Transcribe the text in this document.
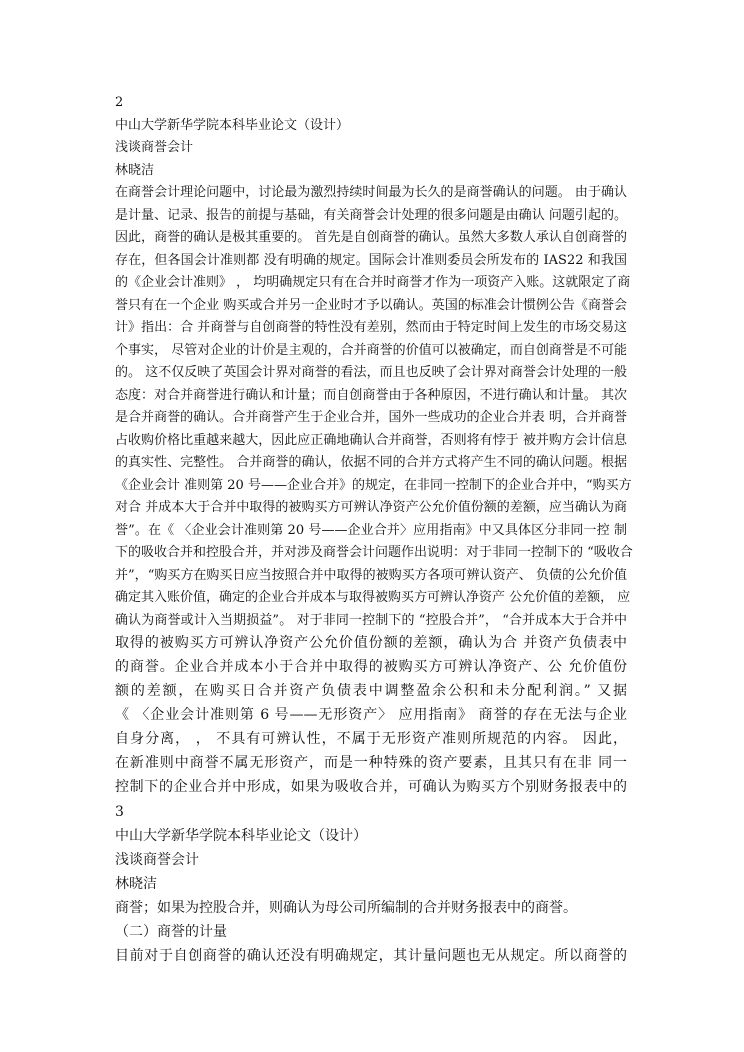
2
中山大学新华学院本科毕业论文（设计）
浅谈商誉会计
林晓洁
在商誉会计理论问题中，讨论最为激烈持续时间最为长久的是商誉确认的问题。 由于确认
是计量、记录、报告的前提与基础，有关商誉会计处理的很多问题是由确认 问题引起的。
因此，商誉的确认是极其重要的。 首先是自创商誉的确认。虽然大多数人承认自创商誉的
存在，但各国会计准则都 没有明确的规定。国际会计准则委员会所发布的 IAS22 和我国
的《企业会计准则》 ， 均明确规定只有在合并时商誉才作为一项资产入账。这就限定了商
誉只有在一个企业 购买或合并另一企业时才予以确认。英国的标准会计惯例公告《商誉会
计》指出：合 并商誉与自创商誉的特性没有差别，然而由于特定时间上发生的市场交易这
个事实， 尽管对企业的计价是主观的，合并商誉的价值可以被确定，而自创商誉是不可能
的。 这不仅反映了英国会计界对商誉的看法，而且也反映了会计界对商誉会计处理的一般
态度：对合并商誉进行确认和计量；而自创商誉由于各种原因，不进行确认和计量。 其次
是合并商誉的确认。合并商誉产生于企业合并，国外一些成功的企业合并表 明，合并商誉
占收购价格比重越来越大，因此应正确地确认合并商誉，否则将有悖于 被并购方会计信息
的真实性、完整性。 合并商誉的确认，依据不同的合并方式将产生不同的确认问题。根据
《企业会计 准则第 20 号——企业合并》的规定，在非同一控制下的企业合并中，“购买方
对合 并成本大于合并中取得的被购买方可辨认净资产公允价值份额的差额，应当确认为商
誉”。在《 〈企业会计准则第 20 号——企业合并〉应用指南》中又具体区分非同一控 制
下的吸收合并和控股合并，并对涉及商誉会计问题作出说明：对于非同一控制下的 “吸收合
并”，“购买方在购买日应当按照合并中取得的被购买方各项可辨认资产、 负债的公允价值
确定其入账价值，确定的企业合并成本与取得被购买方可辨认净资产 公允价值的差额， 应
确认为商誉或计入当期损益”。 对于非同一控制下的 “控股合并”， “合并成本大于合并中
取得的被购买方可辨认净资产公允价值份额的差额，确认为合 并资产负债表中
的商誉。企业合并成本小于合并中取得的被购买方可辨认净资产、公 允价值份
额的差额，在购买日合并资产负债表中调整盈余公积和未分配利润。” 又据
《 〈企业会计准则第 6 号——无形资产〉 应用指南》 商誉的存在无法与企业
自身分离， ， 不具有可辨认性，不属于无形资产准则所规范的内容。 因此，
在新准则中商誉不属无形资产，而是一种特殊的资产要素，且其只有在非 同一
控制下的企业合并中形成，如果为吸收合并，可确认为购买方个别财务报表中的
3
中山大学新华学院本科毕业论文（设计）
浅谈商誉会计
林晓洁
商誉；如果为控股合并，则确认为母公司所编制的合并财务报表中的商誉。
（二）商誉的计量
目前对于自创商誉的确认还没有明确规定，其计量问题也无从规定。所以商誉的
